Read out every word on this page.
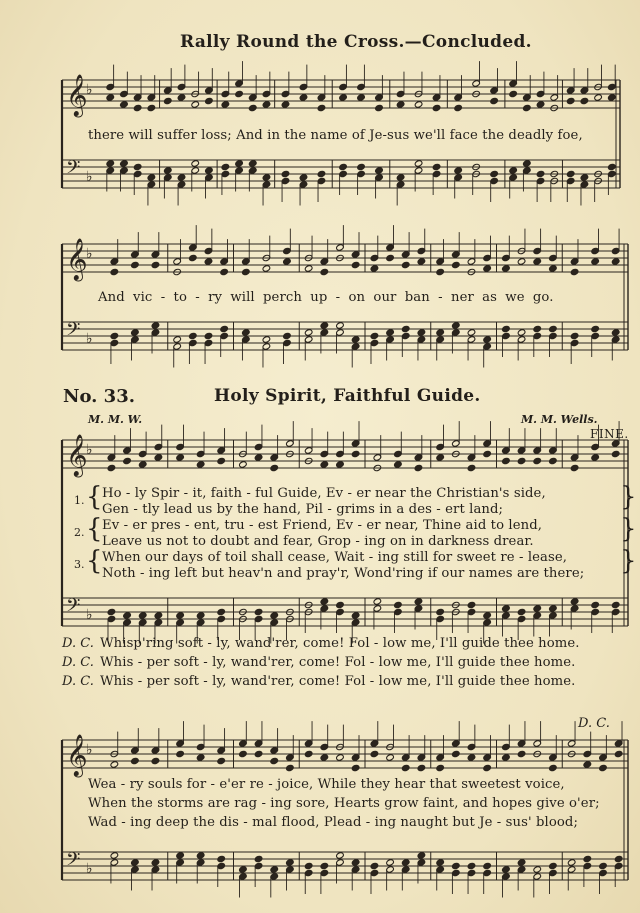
𝄞
𝄢
♭
♭
𝄞
𝄢
♭
♭
𝄞
𝄢
♭
♭
𝄞
𝄢
♭
♭
Rally Round the Cross.—Concluded.
there will suffer loss; And in the name of Je-sus we'll face the deadly foe,
And vic - to - ry will perch up - on our ban - ner as we go.
No. 33.	Holy Spirit, Faithful Guide.
M. M. W.	M. M. Wells.
FINE.
1. { Ho - ly Spir - it, faith - ful Guide, Ev - er near the Christian's side,
Gen - tly lead us by the hand, Pil - grims in a des - ert land;	}
2. { Ev - er pres - ent, tru - est Friend, Ev - er near, Thine aid to lend,
Leave us not to doubt and fear, Grop - ing on in darkness drear.	}
3. { When our days of toil shall cease, Wait - ing still for sweet re - lease,
Noth - ing left but heav'n and pray'r, Wond'ring if our names are there; }
D. C. Whisp'ring soft - ly, wand'rer, come! Fol - low me, I'll guide thee home.
D. C. Whis - per soft - ly, wand'rer, come! Fol - low me, I'll guide thee home.
D. C. Whis - per soft - ly, wand'rer, come! Fol - low me, I'll guide thee home.
D. C.
Wea - ry souls for - e'er re - joice, While they hear that sweetest voice,
When the storms are rag - ing sore, Hearts grow faint, and hopes give o'er;
Wad - ing deep the dis - mal flood, Plead - ing naught but Je - sus' blood;
